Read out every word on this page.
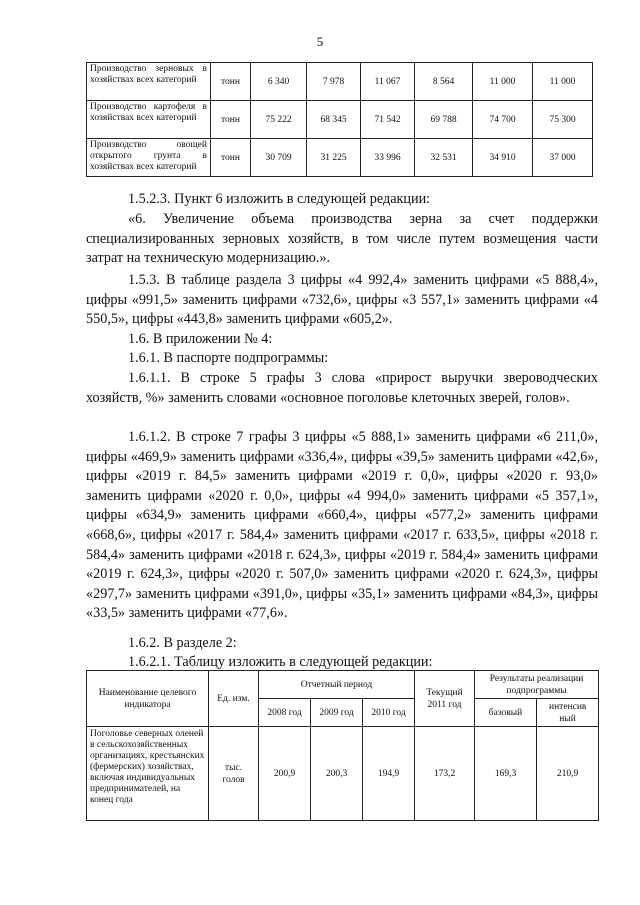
5
Производство зерновых в хозяйствах всех категорий	тонн	6 340	7 978	11 067	8 564	11 000	11 000
Производство картофеля в хозяйствах всех категорий	тонн	75 222	68 345	71 542	69 788	74 700	75 300
Производство овощей открытого грунта в хозяйствах всех категорий	тонн	30 709	31 225	33 996	32 531	34 910	37 000

1.5.2.3. Пункт 6 изложить в следующей редакции:

«6. Увеличение объема производства зерна за счет поддержки специализированных зерновых хозяйств, в том числе путем возмещения части затрат на техническую модернизацию.».

1.5.3. В таблице раздела 3 цифры «4 992,4» заменить цифрами «5 888,4», цифры «991,5» заменить цифрами «732,6», цифры «3 557,1» заменить цифрами «4 550,5», цифры «443,8» заменить цифрами «605,2».

1.6. В приложении № 4:

1.6.1. В паспорте подпрограммы:

1.6.1.1. В строке 5 графы 3 слова «прирост выручки звероводческих хозяйств, %» заменить словами «основное поголовье клеточных зверей, голов».

1.6.1.2. В строке 7 графы 3 цифры «5 888,1» заменить цифрами «6 211,0», цифры «469,9» заменить цифрами «336,4», цифры «39,5» заменить цифрами «42,6», цифры «2019 г. 84,5» заменить цифрами «2019 г. 0,0», цифры «2020 г. 93,0» заменить цифрами «2020 г. 0,0», цифры «4 994,0» заменить цифрами «5 357,1», цифры «634,9» заменить цифрами «660,4», цифры «577,2» заменить цифрами «668,6», цифры «2017 г. 584,4» заменить цифрами «2017 г. 633,5», цифры «2018 г. 584,4» заменить цифрами «2018 г. 624,3», цифры «2019 г. 584,4» заменить цифрами «2019 г. 624,3», цифры «2020 г. 507,0» заменить цифрами «2020 г. 624,3», цифры «297,7» заменить цифрами «391,0», цифры «35,1» заменить цифрами «84,3», цифры «33,5» заменить цифрами «77,6».

1.6.2. В разделе 2:

1.6.2.1. Таблицу изложить в следующей редакции:

Наименование целевого индикатора	Ед. изм.	Отчетный период			Текущий 2011 год	Результаты реализации подпрограммы	
		2008 год	2009 год	2010 год		базовый	интенсив ный
Поголовье северных оленей в сельскохозяйственных организациях, крестьянских (фермерских) хозяйствах, включая индивидуальных предпринимателей, на конец года	тыс. голов	200,9	200,3	194,9	173,2	169,3	210,9
